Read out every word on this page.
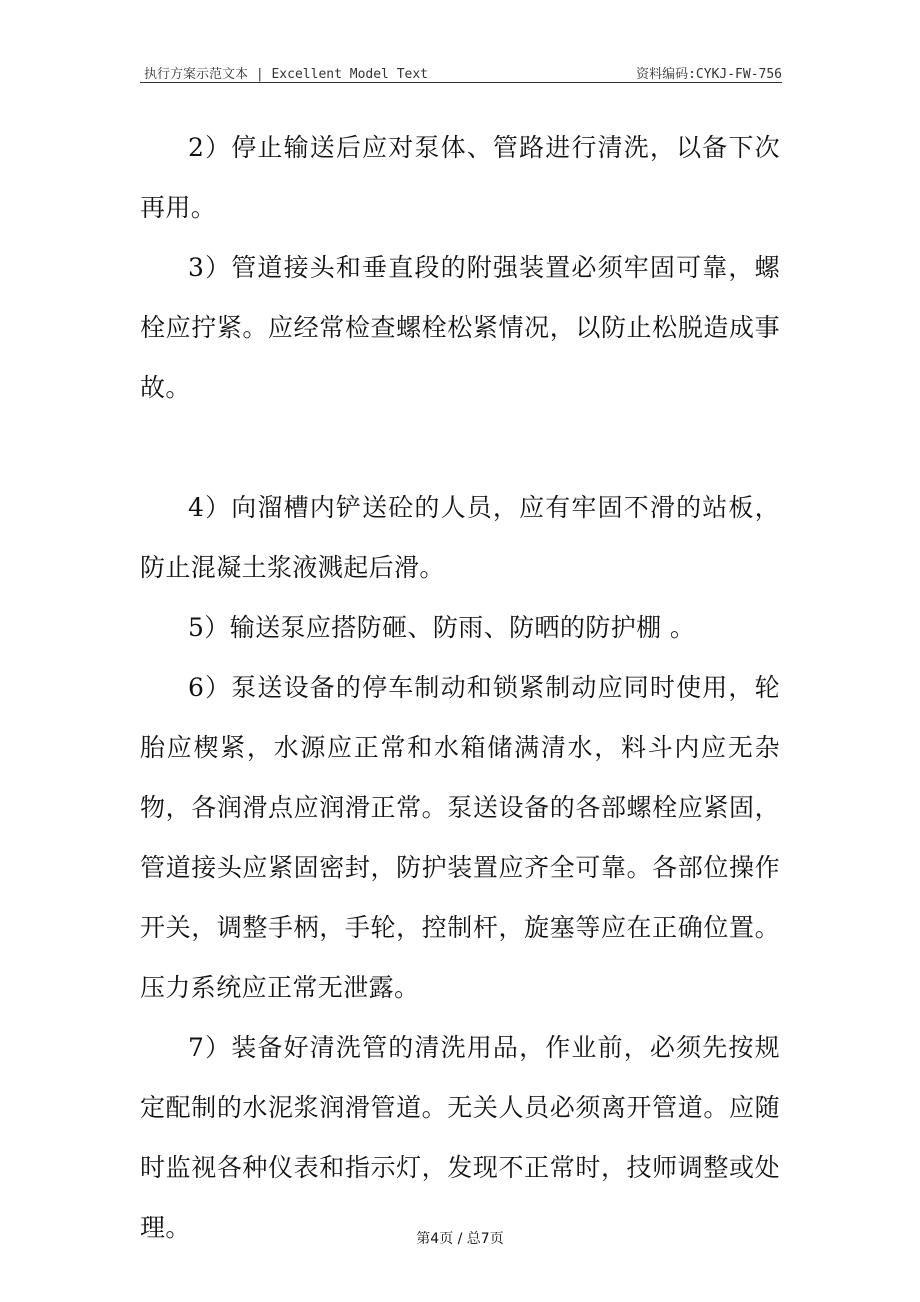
执行方案示范文本 | Excellent Model Text	资料编码:CYKJ-FW-756

2）停止输送后应对泵体、管路进行清洗，以备下次再用。

3）管道接头和垂直段的附强装置必须牢固可靠，螺栓应拧紧。应经常检查螺栓松紧情况，以防止松脱造成事故。

4）向溜槽内铲送砼的人员，应有牢固不滑的站板，防止混凝土浆液溅起后滑。

5）输送泵应搭防砸、防雨、防晒的防护棚 。

6）泵送设备的停车制动和锁紧制动应同时使用，轮胎应楔紧，水源应正常和水箱储满清水，料斗内应无杂物，各润滑点应润滑正常。泵送设备的各部螺栓应紧固，管道接头应紧固密封，防护装置应齐全可靠。各部位操作开关，调整手柄，手轮，控制杆，旋塞等应在正确位置。压力系统应正常无泄露。

7）装备好清洗管的清洗用品，作业前，必须先按规定配制的水泥浆润滑管道。无关人员必须离开管道。应随时监视各种仪表和指示灯，发现不正常时，技师调整或处理。	第4页 / 总7页
